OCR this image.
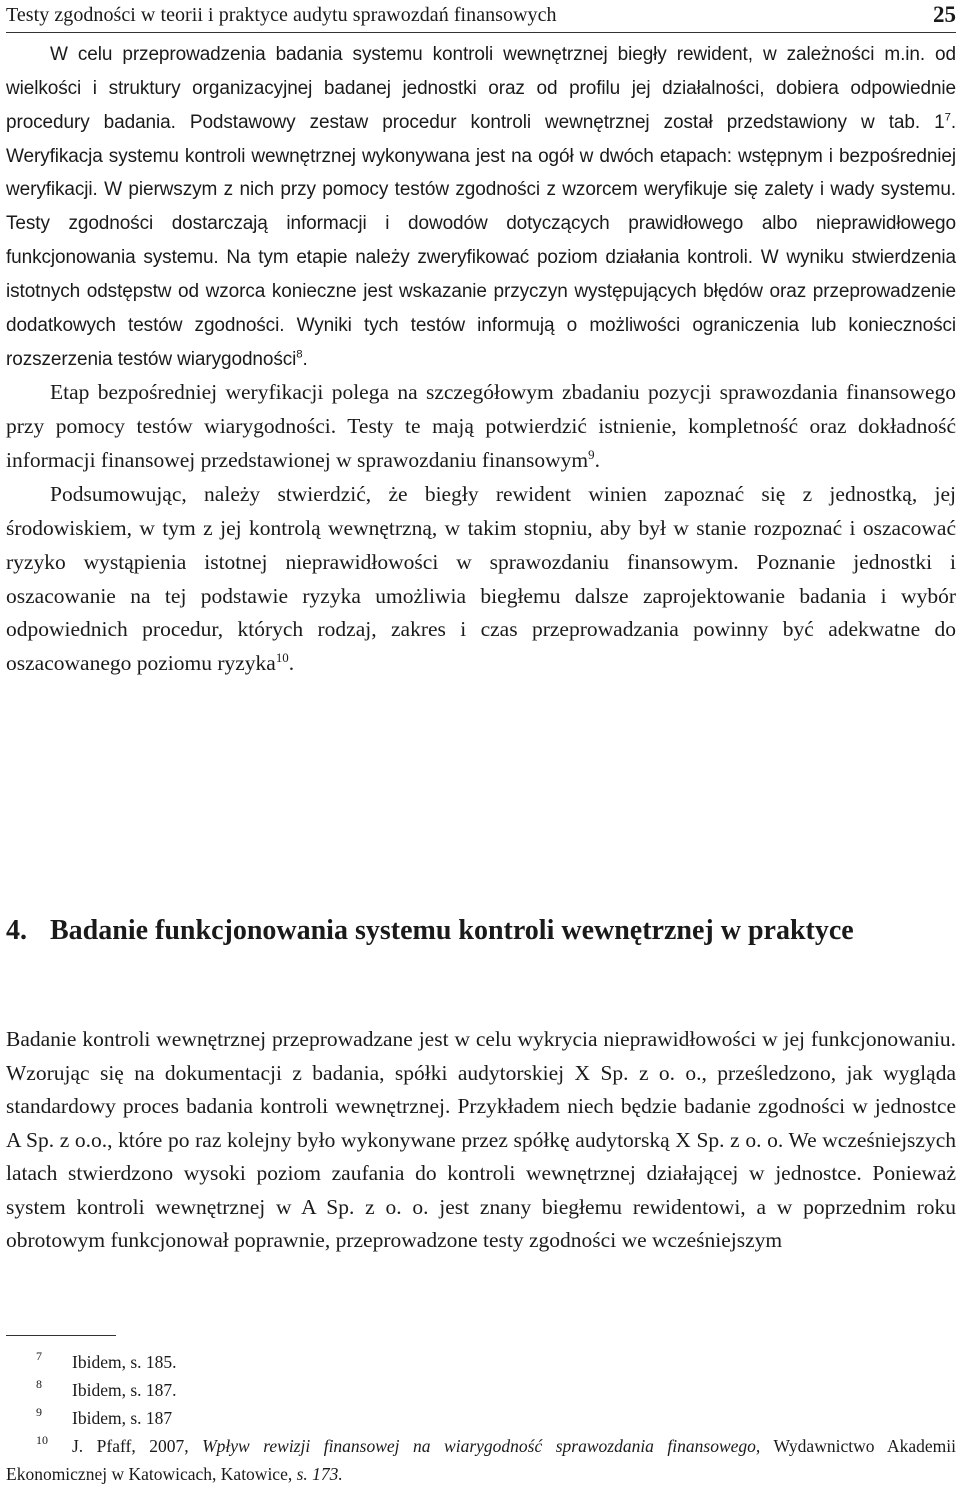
Testy zgodności w teorii i praktyce audytu sprawozdań finansowych	25

W celu przeprowadzenia badania systemu kontroli wewnętrznej biegły rewident, w zależności m.in. od wielkości i struktury organizacyjnej badanej jednostki oraz od profilu jej działalności, dobiera odpowiednie procedury badania. Podstawowy zestaw procedur kontroli wewnętrznej został przedstawiony w tab. $1^7$. Weryfikacja systemu kontroli wewnętrznej wykonywana jest na ogół w dwóch etapach: wstępnym i bezpośredniej weryfikacji. W pierwszym z nich przy pomocy testów zgodności z wzorcem weryfikuje się zalety i wady systemu. Testy zgodności dostarczają informacji i dowodów dotyczących prawidłowego albo nieprawidłowego funkcjonowania systemu. Na tym etapie należy zweryfikować poziom działania kontroli. W wyniku stwierdzenia istotnych odstępstw od wzorca konieczne jest wskazanie przyczyn występujących błędów oraz przeprowadzenie dodatkowych testów zgodności. Wyniki tych testów informują o możliwości ograniczenia lub konieczności rozszerzenia testów wiarygodności$^8$.

Etap bezpośredniej weryfikacji polega na szczegółowym zbadaniu pozycji sprawozdania finansowego przy pomocy testów wiarygodności. Testy te mają potwierdzić istnienie, kompletność oraz dokładność informacji finansowej przedstawionej w sprawozdaniu finansowym$^9$.

Podsumowując, należy stwierdzić, że biegły rewident winien zapoznać się z jednostką, jej środowiskiem, w tym z jej kontrolą wewnętrzną, w takim stopniu, aby był w stanie rozpoznać i oszacować ryzyko wystąpienia istotnej nieprawidłowości w sprawozdaniu finansowym. Poznanie jednostki i oszacowanie na tej podstawie ryzyka umożliwia biegłemu dalsze zaprojektowanie badania i wybór odpowiednich procedur, których rodzaj, zakres i czas przeprowadzania powinny być adekwatne do oszacowanego poziomu ryzyka$^{10}$.

4. Badanie funkcjonowania systemu kontroli wewnętrznej w praktyce
Badanie kontroli wewnętrznej przeprowadzane jest w celu wykrycia nieprawidłowości w jej funkcjonowaniu. Wzorując się na dokumentacji z badania, spółki audytorskiej X Sp. z o. o., prześledzono, jak wygląda standardowy proces badania kontroli wewnętrznej. Przykładem niech będzie badanie zgodności w jednostce A Sp. z o.o., które po raz kolejny było wykonywane przez spółkę audytorską X Sp. z o. o. We wcześniejszych latach stwierdzono wysoki poziom zaufania do kontroli wewnętrznej działającej w jednostce. Ponieważ system kontroli wewnętrznej w A Sp. z o. o. jest znany biegłemu rewidentowi, a w poprzednim roku obrotowym funkcjonował poprawnie, przeprowadzone testy zgodności we wcześniejszym
7 Ibidem, s. 185.
8 Ibidem, s. 187.
9 Ibidem, s. 187
10 J. Pfaff, 2007, Wpływ rewizji finansowej na wiarygodność sprawozdania finansowego, Wydawnictwo Akademii Ekonomicznej w Katowicach, Katowice, s. 173.
